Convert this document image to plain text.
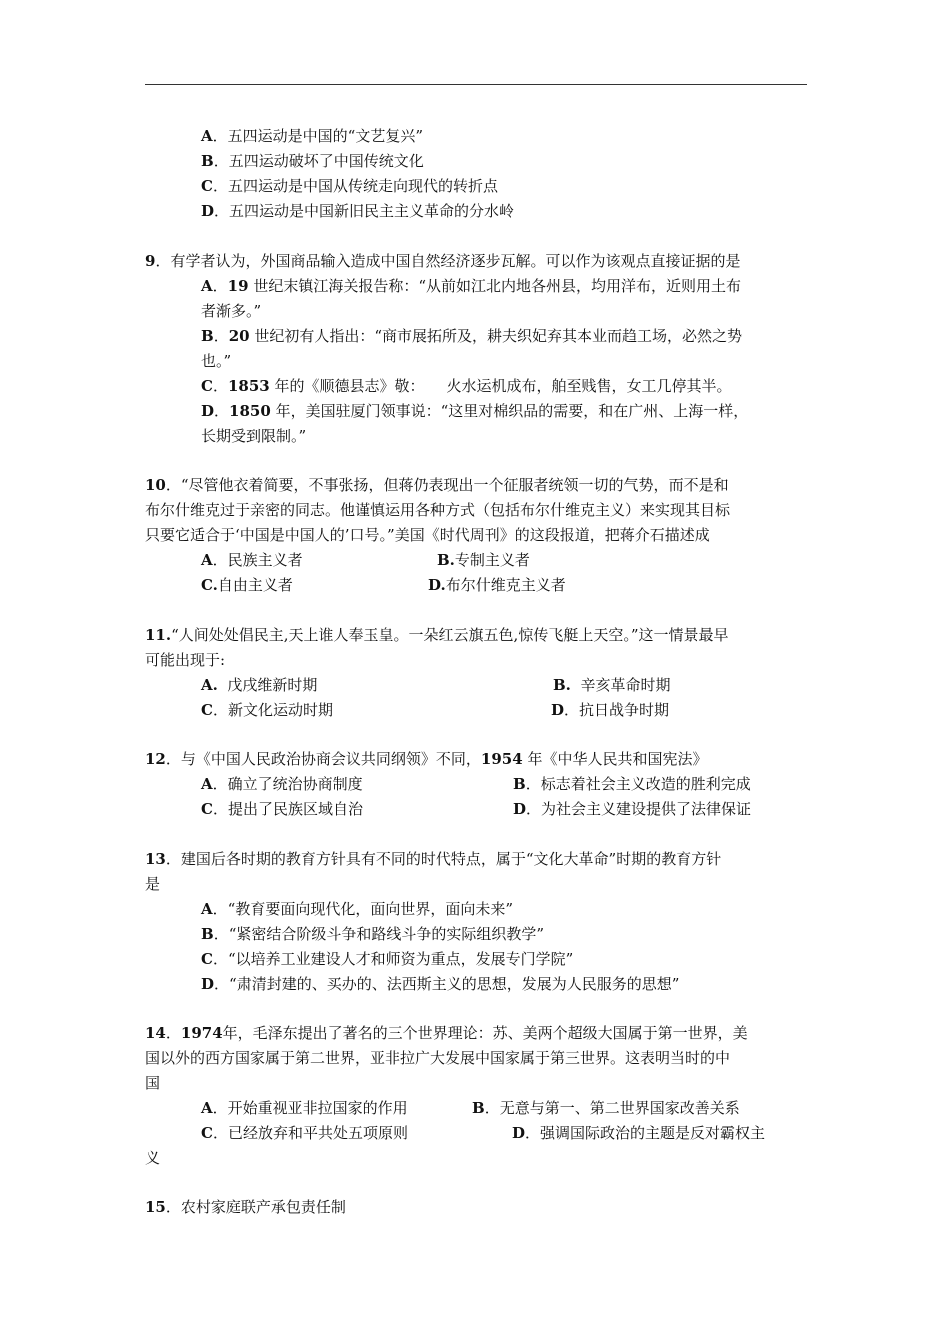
A．五四运动是中国的“文艺复兴”
B．五四运动破坏了中国传统文化
C．五四运动是中国从传统走向现代的转折点
D．五四运动是中国新旧民主主义革命的分水岭
9．有学者认为，外国商品输入造成中国自然经济逐步瓦解。可以作为该观点直接证据的是
A．19 世纪末镇江海关报告称：“从前如江北内地各州县，均用洋布，近则用土布
者渐多。”
B．20 世纪初有人指出：“商市展拓所及，耕夫织妃弃其本业而趋工场，必然之势
也。”
C．1853 年的《顺德县志》敬： 火水运机成布，舶至贱售，女工几停其半。
D．1850 年，美国驻厦门领事说：“这里对棉织品的需要，和在广州、上海一样，
长期受到限制。”
10．“尽管他衣着简要，不事张扬，但蒋仍表现出一个征服者统领一切的气势，而不是和
布尔什维克过于亲密的同志。他谨慎运用各种方式（包括布尔什维克主义）来实现其目标
只要它适合于‘中国是中国人的’口号。”美国《时代周刊》的这段报道，把蒋介石描述成
A．民族主义者	B.专制主义者
C.自由主义者	D.布尔什维克主义者
11.“人间处处倡民主,天上谁人奉玉皇。一朵红云旗五色,惊传飞艇上天空。”这一情景最早
可能出现于:
A. 戊戌维新时期	B. 辛亥革命时期
C．新文化运动时期	D．抗日战争时期
12．与《中国人民政治协商会议共同纲领》不同，1954 年《中华人民共和国宪法》
A．确立了统治协商制度	B．标志着社会主义改造的胜利完成
C．提出了民族区域自治	D．为社会主义建设提供了法律保证
13．建国后各时期的教育方针具有不同的时代特点，属于“文化大革命”时期的教育方针
是
A．“教育要面向现代化，面向世界，面向未来”
B．“紧密结合阶级斗争和路线斗争的实际组织教学”
C．“以培养工业建设人才和师资为重点，发展专门学院”
D．“肃清封建的、买办的、法西斯主义的思想，发展为人民服务的思想”
14．1974年，毛泽东提出了著名的三个世界理论：苏、美两个超级大国属于第一世界，美
国以外的西方国家属于第二世界，亚非拉广大发展中国家属于第三世界。这表明当时的中
国
A．开始重视亚非拉国家的作用	B．无意与第一、第二世界国家改善关系
C．已经放弃和平共处五项原则	D．强调国际政治的主题是反对霸权主
义
15．农村家庭联产承包责任制
